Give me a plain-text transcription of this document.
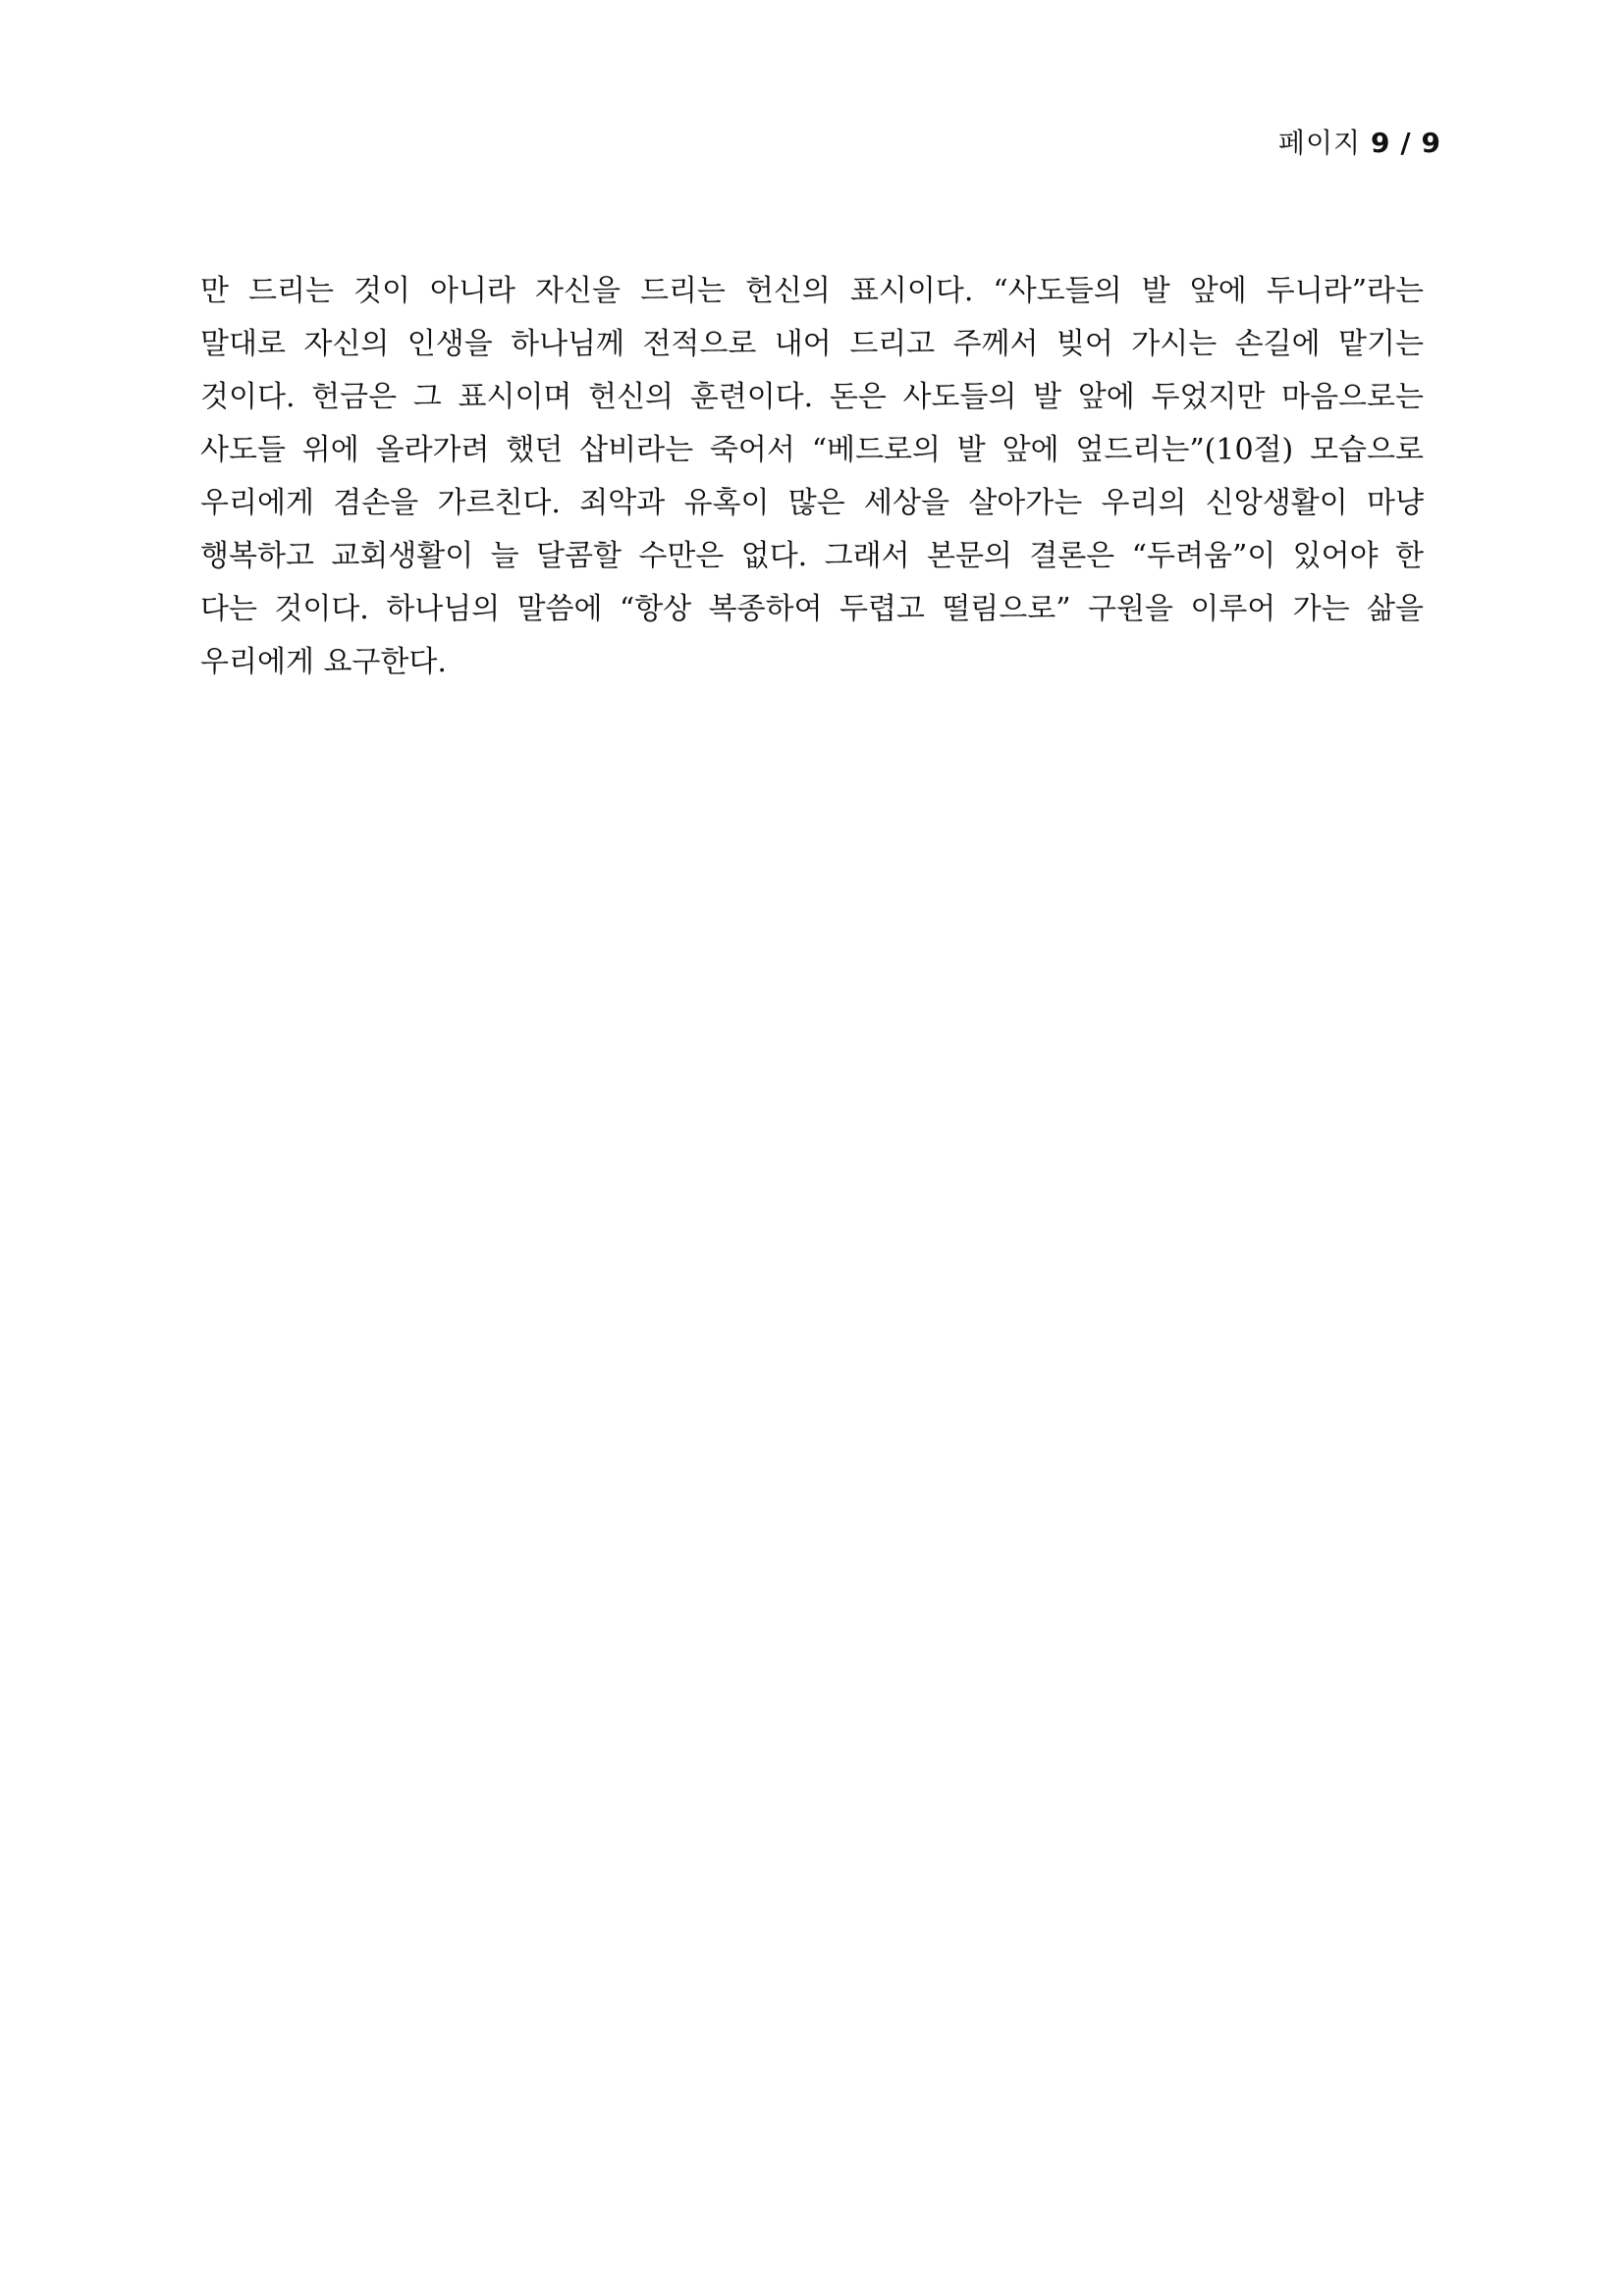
페이지 9 / 9
만 드리는 것이 아니라 자신을 드리는 헌신의 표시이다. “사도들의 발 앞에 두니라”라는
말대로 자신의 인생을 하나님께 전적으로 내어 드리고 주께서 빚어 가시는 손길에 맡기는
것이다. 헌금은 그 표시이며 헌신의 훈련이다. 돈은 사도들의 발 앞에 두었지만 마음으로는
사도들 위에 올라가려 했던 삽비라는 죽어서 “베드로의 발 앞에 엎드리는”(10절) 모습으로
우리에게 겸손을 가르친다. 죄악과 유혹이 많은 세상을 살아가는 우리의 신앙생활이 마냥
행복하고 교회생활이 늘 달콤할 수만은 없다. 그래서 본문의 결론은 “두려움”이 있어야 한
다는 것이다. 하나님의 말씀에 “항상 복종하여 두렵고 떨림으로” 구원을 이루어 가는 삶을
우리에게 요구한다.
